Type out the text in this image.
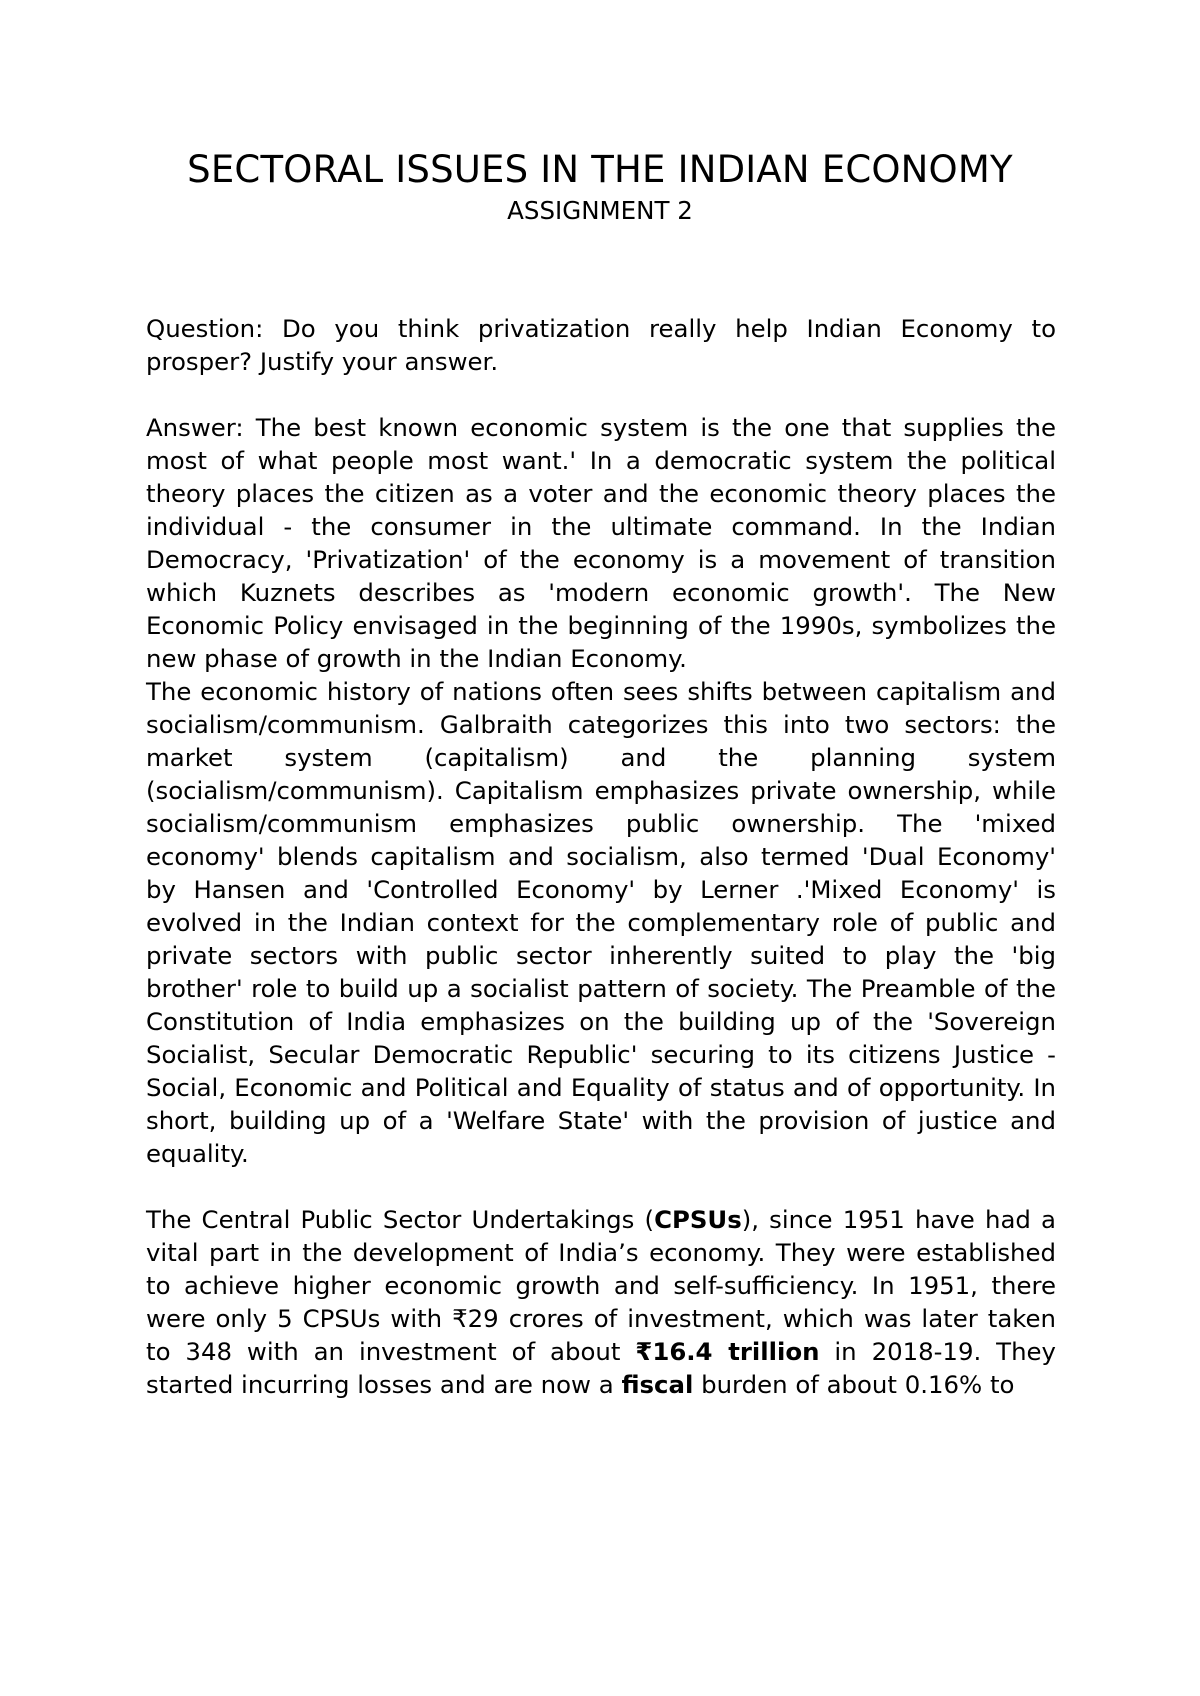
SECTORAL ISSUES IN THE INDIAN ECONOMY
ASSIGNMENT 2

Question: Do you think privatization really help Indian Economy to prosper? Justify your answer.

Answer: The best known economic system is the one that supplies the most of what people most want.' In a democratic system the political theory places the citizen as a voter and the economic theory places the individual - the consumer in the ultimate command. In the Indian Democracy, 'Privatization' of the economy is a movement of transition which Kuznets describes as 'modern economic growth'. The New Economic Policy envisaged in the beginning of the 1990s, symbolizes the new phase of growth in the Indian Economy.

The economic history of nations often sees shifts between capitalism and socialism/communism. Galbraith categorizes this into two sectors: the market system (capitalism) and the planning system (socialism/communism). Capitalism emphasizes private ownership, while socialism/communism emphasizes public ownership. The 'mixed economy' blends capitalism and socialism, also termed 'Dual Economy' by Hansen and 'Controlled Economy' by Lerner .'Mixed Economy' is evolved in the Indian context for the complementary role of public and private sectors with public sector inherently suited to play the 'big brother' role to build up a socialist pattern of society. The Preamble of the Constitution of India emphasizes on the building up of the 'Sovereign Socialist, Secular Democratic Republic' securing to its citizens Justice - Social, Economic and Political and Equality of status and of opportunity. In short, building up of a 'Welfare State' with the provision of justice and equality.

The Central Public Sector Undertakings (CPSUs), since 1951 have had a vital part in the development of India’s economy. They were established to achieve higher economic growth and self-sufficiency. In 1951, there were only 5 CPSUs with ₹29 crores of investment, which was later taken to 348 with an investment of about ₹16.4 trillion in 2018-19. They started incurring losses and are now a fiscal burden of about 0.16% to
